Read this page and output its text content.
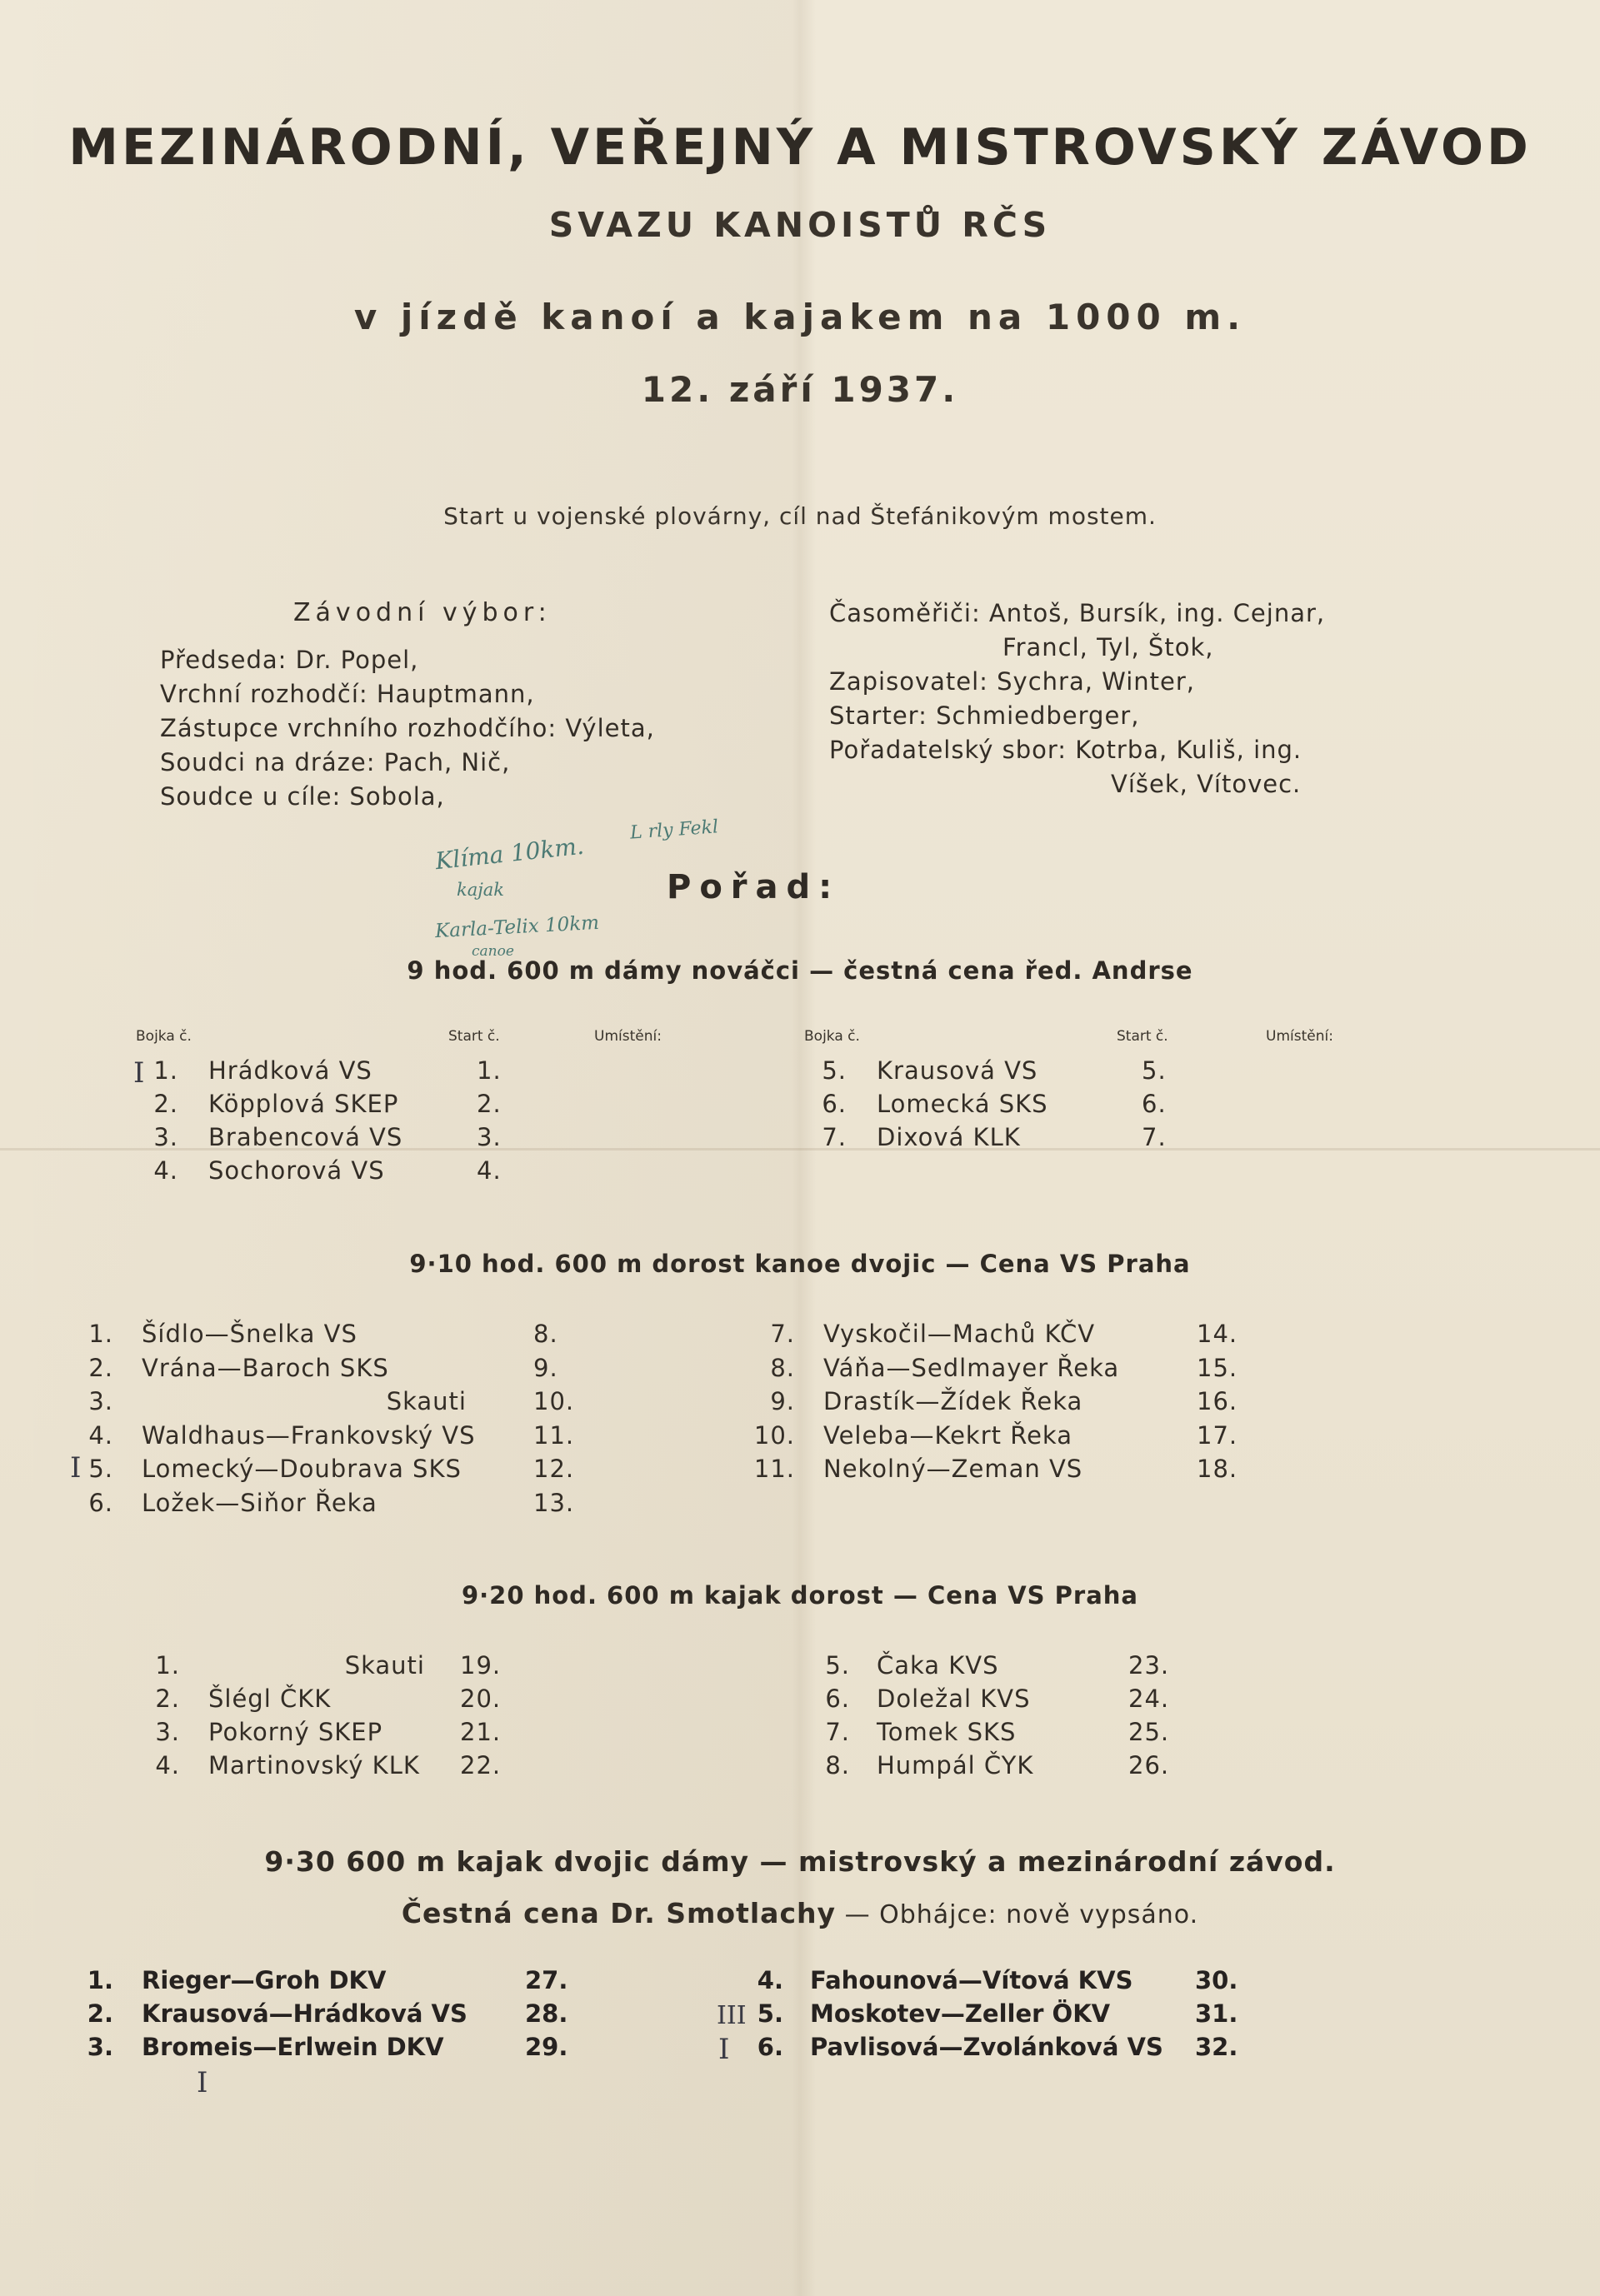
MEZINÁRODNÍ, VEŘEJNÝ A MISTROVSKÝ ZÁVOD
SVAZU KANOISTŮ RČS
v jízdě kanoí a kajakem na 1000 m.
12. září 1937.
Start u vojenské plovárny, cíl nad Štefánikovým mostem.
Závodní výbor:
Předseda: Dr. Popel,
Vrchní rozhodčí: Hauptmann,
Zástupce vrchního rozhodčího: Výleta,
Soudci na dráze: Pach, Nič,
Soudce u cíle: Sobola,
Časoměřiči: Antoš, Bursík, ing. Cejnar,
Francl, Tyl, Štok,
Zapisovatel: Sychra, Winter,
Starter: Schmiedberger,
Pořadatelský sbor: Kotrba, Kuliš, ing.
Víšek, Vítovec.
Klíma 10km.
L rly Fekl
kajak
Karla-Telix 10km
canoe
Pořad:
9 hod. 600 m dámy nováčci — čestná cena řed. Andrse
Bojka č.	Start č.	Umístění:	Bojka č.	Start č.	Umístění:
1. Hrádková VS	1.
2. Köpplová SKEP	2.
3. Brabencová VS	3.
4. Sochorová VS	4.
5. Krausová VS	5.
6. Lomecká SKS	6.
7. Dixová KLK	7.
1. Šídlo—Šnelka VS	8.
2. Vrána—Baroch SKS	9.
3.	Skauti	10.
4. Waldhaus—Frankovský VS 11.
5. Lomecký—Doubrava SKS	12.
6. Ložek—Siňor Řeka	13.
7. Vyskočil—Machů KČV	14.
8. Váňa—Sedlmayer Řeka	15.
9. Drastík—Žídek Řeka	16.
10. Veleba—Kekrt Řeka	17.
11. Nekolný—Zeman VS	18.
9·10 hod. 600 m dorost kanoe dvojic — Cena VS Praha
9·20 hod. 600 m kajak dorost — Cena VS Praha
1.	Skauti 19.
2. Šlégl ČKK	20.
3. Pokorný SKEP	21.
4. Martinovský KLK 22.
5. Čaka KVS	23.
6. Doležal KVS	24.
7. Tomek SKS	25.
8. Humpál ČYK	26.
9·30 600 m kajak dvojic dámy — mistrovský a mezinárodní závod.
Čestná cena Dr. Smotlachy — Obhájce: nově vypsáno.
1. Rieger—Groh DKV	27.
2. Krausová—Hrádková VS 28.
3. Bromeis—Erlwein DKV	29.
4. Fahounová—Vítová KVS	30.
5. Moskotev—Zeller ÖKV	31.
6. Pavlisová—Zvolánková VS 32.
I
I
I
III
I
